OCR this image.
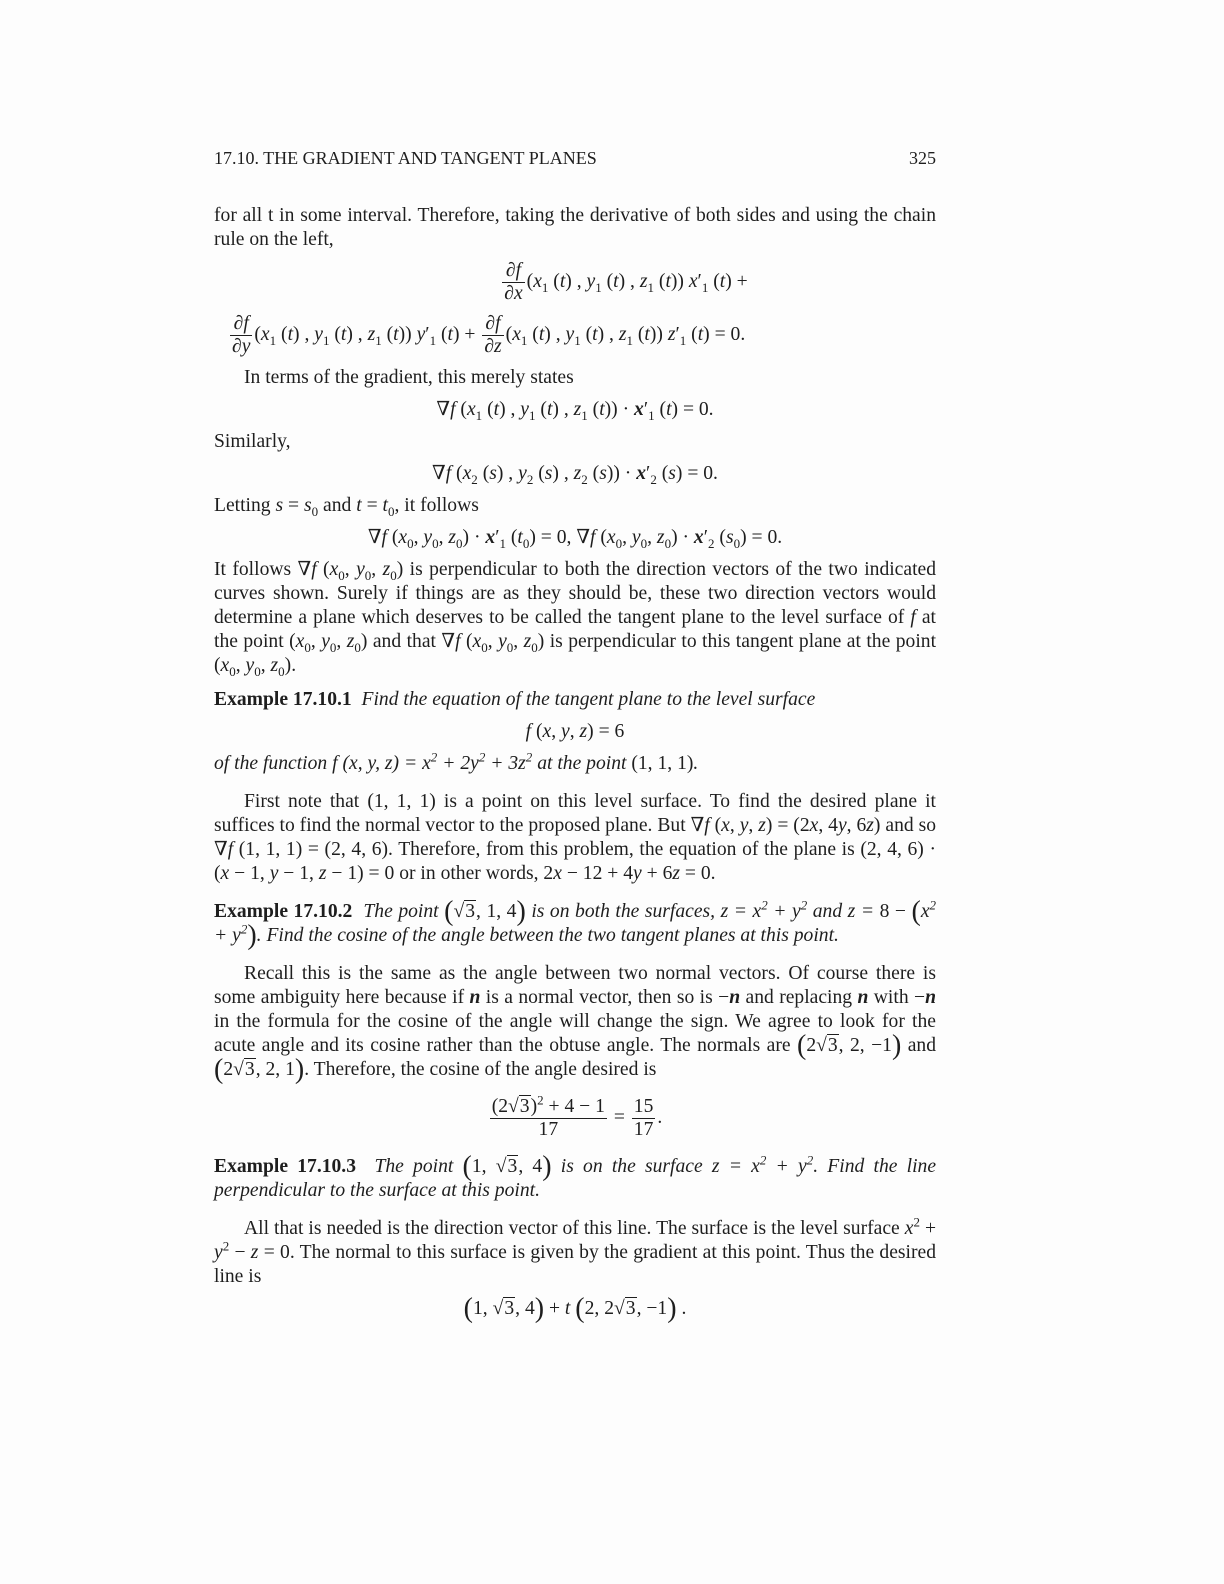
17.10. THE GRADIENT AND TANGENT PLANES	325

for all t in some interval. Therefore, taking the derivative of both sides and using the chain rule on the left,

$\frac{\partial f}{\partial x} (x_1$ (t) , $y_1$ (t) , $z_1$ (t)) $x'_1$ (t) +
$\frac{\partial f}{\partial y} (x_1$ (t) , $y_1$ (t) , $z_1$ (t)) $y'_1$ $(t) + \frac{\partial f}{\partial z} (x_1$ (t) , $y_1$ (t) , $z_1$ (t)) $z'_1$ (t) = 0.

In terms of the gradient, this merely states

∇f ($x_1$ (t) , $y_1$ (t) , $z_1$ $(t)) \cdot x'_1$ (t) = 0.

Similarly,

∇f ($x_2$ (s) , $y_2$ (s) , $z_2$ $(s)) \cdot x'_2$ (s) = 0.

Letting $s = s_0$ and $t = t_0$, it follows

∇f ($x_0$, $y_0$, $z_0) \cdot x'_1$ $(t_0) = 0$, ∇f ($x_0$, $y_0$, $z_0) \cdot x'_2$ $(s_0) = 0$.

It follows ∇f ($x_0$, $y_0$, $z_0$) is perpendicular to both the direction vectors of the two indicated curves shown. Surely if things are as they should be, these two direction vectors would determine a plane which deserves to be called the tangent plane to the level surface of f at the point ($x_0$, $y_0$, $z_0$) and that ∇f ($x_0$, $y_0$, $z_0$) is perpendicular to this tangent plane at the point ($x_0$, $y_0$, $z_0$).

Example 17.10.1 Find the equation of the tangent plane to the level surface

f (x, y, z) = 6

of the function f (x, y, $z) = x^2 + 2y^2 + 3z^2$ at the point (1, 1, 1).

First note that (1, 1, 1) is a point on this level surface. To find the desired plane it suffices to find the normal vector to the proposed plane. But ∇f (x, y, z) = (2x, 4y, 6z) and so ∇f (1, 1, 1) = (2, 4, 6). Therefore, from this problem, the equation of the plane is (2, 4, 6) · (x − 1, y − 1, z − 1) = 0 or in other words, 2x − 12 + 4y + 6z = 0.

Example 17.10.2 The point (√3, 1, 4) is on both the surfaces, $z = x^2 + y^2$ and $z = 8 - (x^2 + y^2)$. Find the cosine of the angle between the two tangent planes at this point.

Recall this is the same as the angle between two normal vectors. Of course there is some ambiguity here because if n is a normal vector, then so is −n and replacing n with −n in the formula for the cosine of the angle will change the sign. We agree to look for the acute angle and its cosine rather than the obtuse angle. The normals are (2√3, 2, −1) and (2√3, 2, 1). Therefore, the cosine of the angle desired is

$\frac{(2√3)^2 + 4 - 1}{17} = \frac{15}{17}$ .

Example 17.10.3 The point (1, √3, 4) is on the surface $z = x^2 + y^2$. Find the line perpendicular to the surface at this point.

All that is needed is the direction vector of this line. The surface is the level surface $x^2 + y^2 - z = 0$. The normal to this surface is given by the gradient at this point. Thus the desired line is

(1, √3, 4) + t (2, 2√3, −1) .
